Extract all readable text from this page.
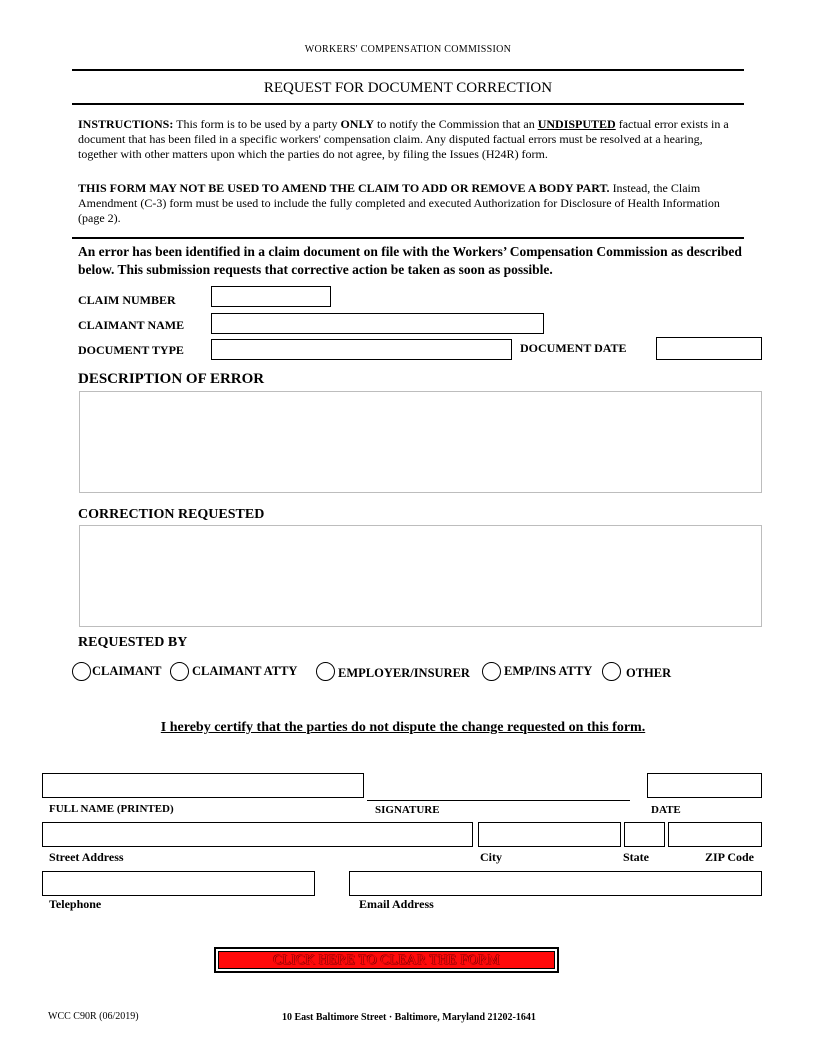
WORKERS' COMPENSATION COMMISSION
REQUEST FOR DOCUMENT CORRECTION
INSTRUCTIONS: This form is to be used by a party ONLY to notify the Commission that an UNDISPUTED factual error exists in a document that has been filed in a specific workers' compensation claim. Any disputed factual errors must be resolved at a hearing, together with other matters upon which the parties do not agree, by filing the Issues (H24R) form.
THIS FORM MAY NOT BE USED TO AMEND THE CLAIM TO ADD OR REMOVE A BODY PART. Instead, the Claim Amendment (C-3) form must be used to include the fully completed and executed Authorization for Disclosure of Health Information (page 2).
An error has been identified in a claim document on file with the Workers’ Compensation Commission as described below. This submission requests that corrective action be taken as soon as possible.
CLAIM NUMBER
CLAIMANT NAME
DOCUMENT TYPE	DOCUMENT DATE
DESCRIPTION OF ERROR
CORRECTION REQUESTED
REQUESTED BY
CLAIMANT CLAIMANT ATTY	EMPLOYER/INSURER	EMP/INS ATTY	OTHER
I hereby certify that the parties do not dispute the change requested on this form.
FULL NAME (PRINTED)	SIGNATURE	DATE
Street Address	City	State	ZIP Code
Telephone	Email Address
CLICK HERE TO CLEAR THE FORM
WCC C90R (06/2019)	10 East Baltimore Street · Baltimore, Maryland 21202-1641
